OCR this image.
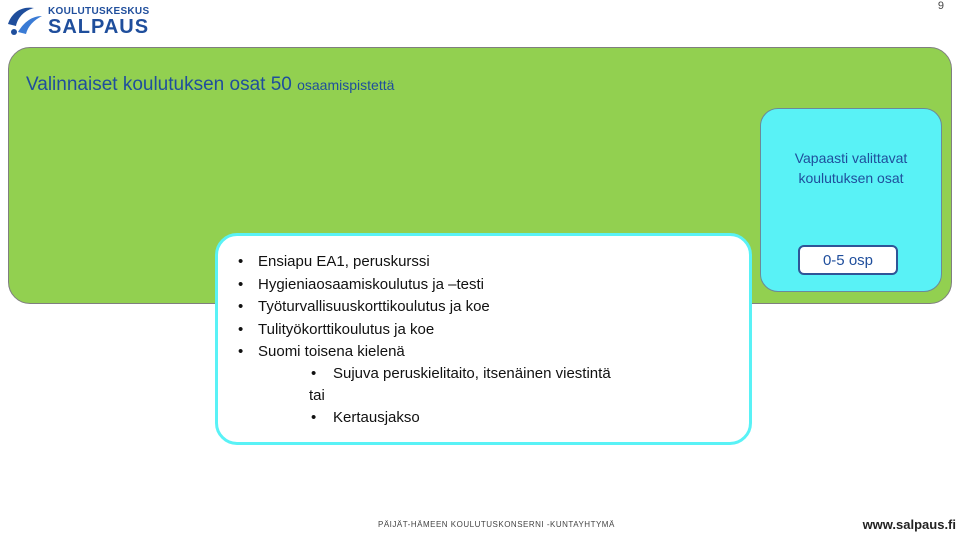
KOULUTUSKESKUS
SALPAUS
9
Valinnaiset koulutuksen osat 50 osaamispistettä
Vapaasti valittavat
koulutuksen osat
0-5 osp
• Ensiapu EA1, peruskurssi
• Hygieniaosaamiskoulutus ja –testi
• Työturvallisuuskorttikoulutus ja koe
• Tulityökorttikoulutus ja koe
• Suomi toisena kielenä
• Sujuva peruskielitaito, itsenäinen viestintä
tai
• Kertausjakso
PÄIJÄT-HÄMEEN KOULUTUSKONSERNI -KUNTAYHTYMÄ	www.salpaus.fi
